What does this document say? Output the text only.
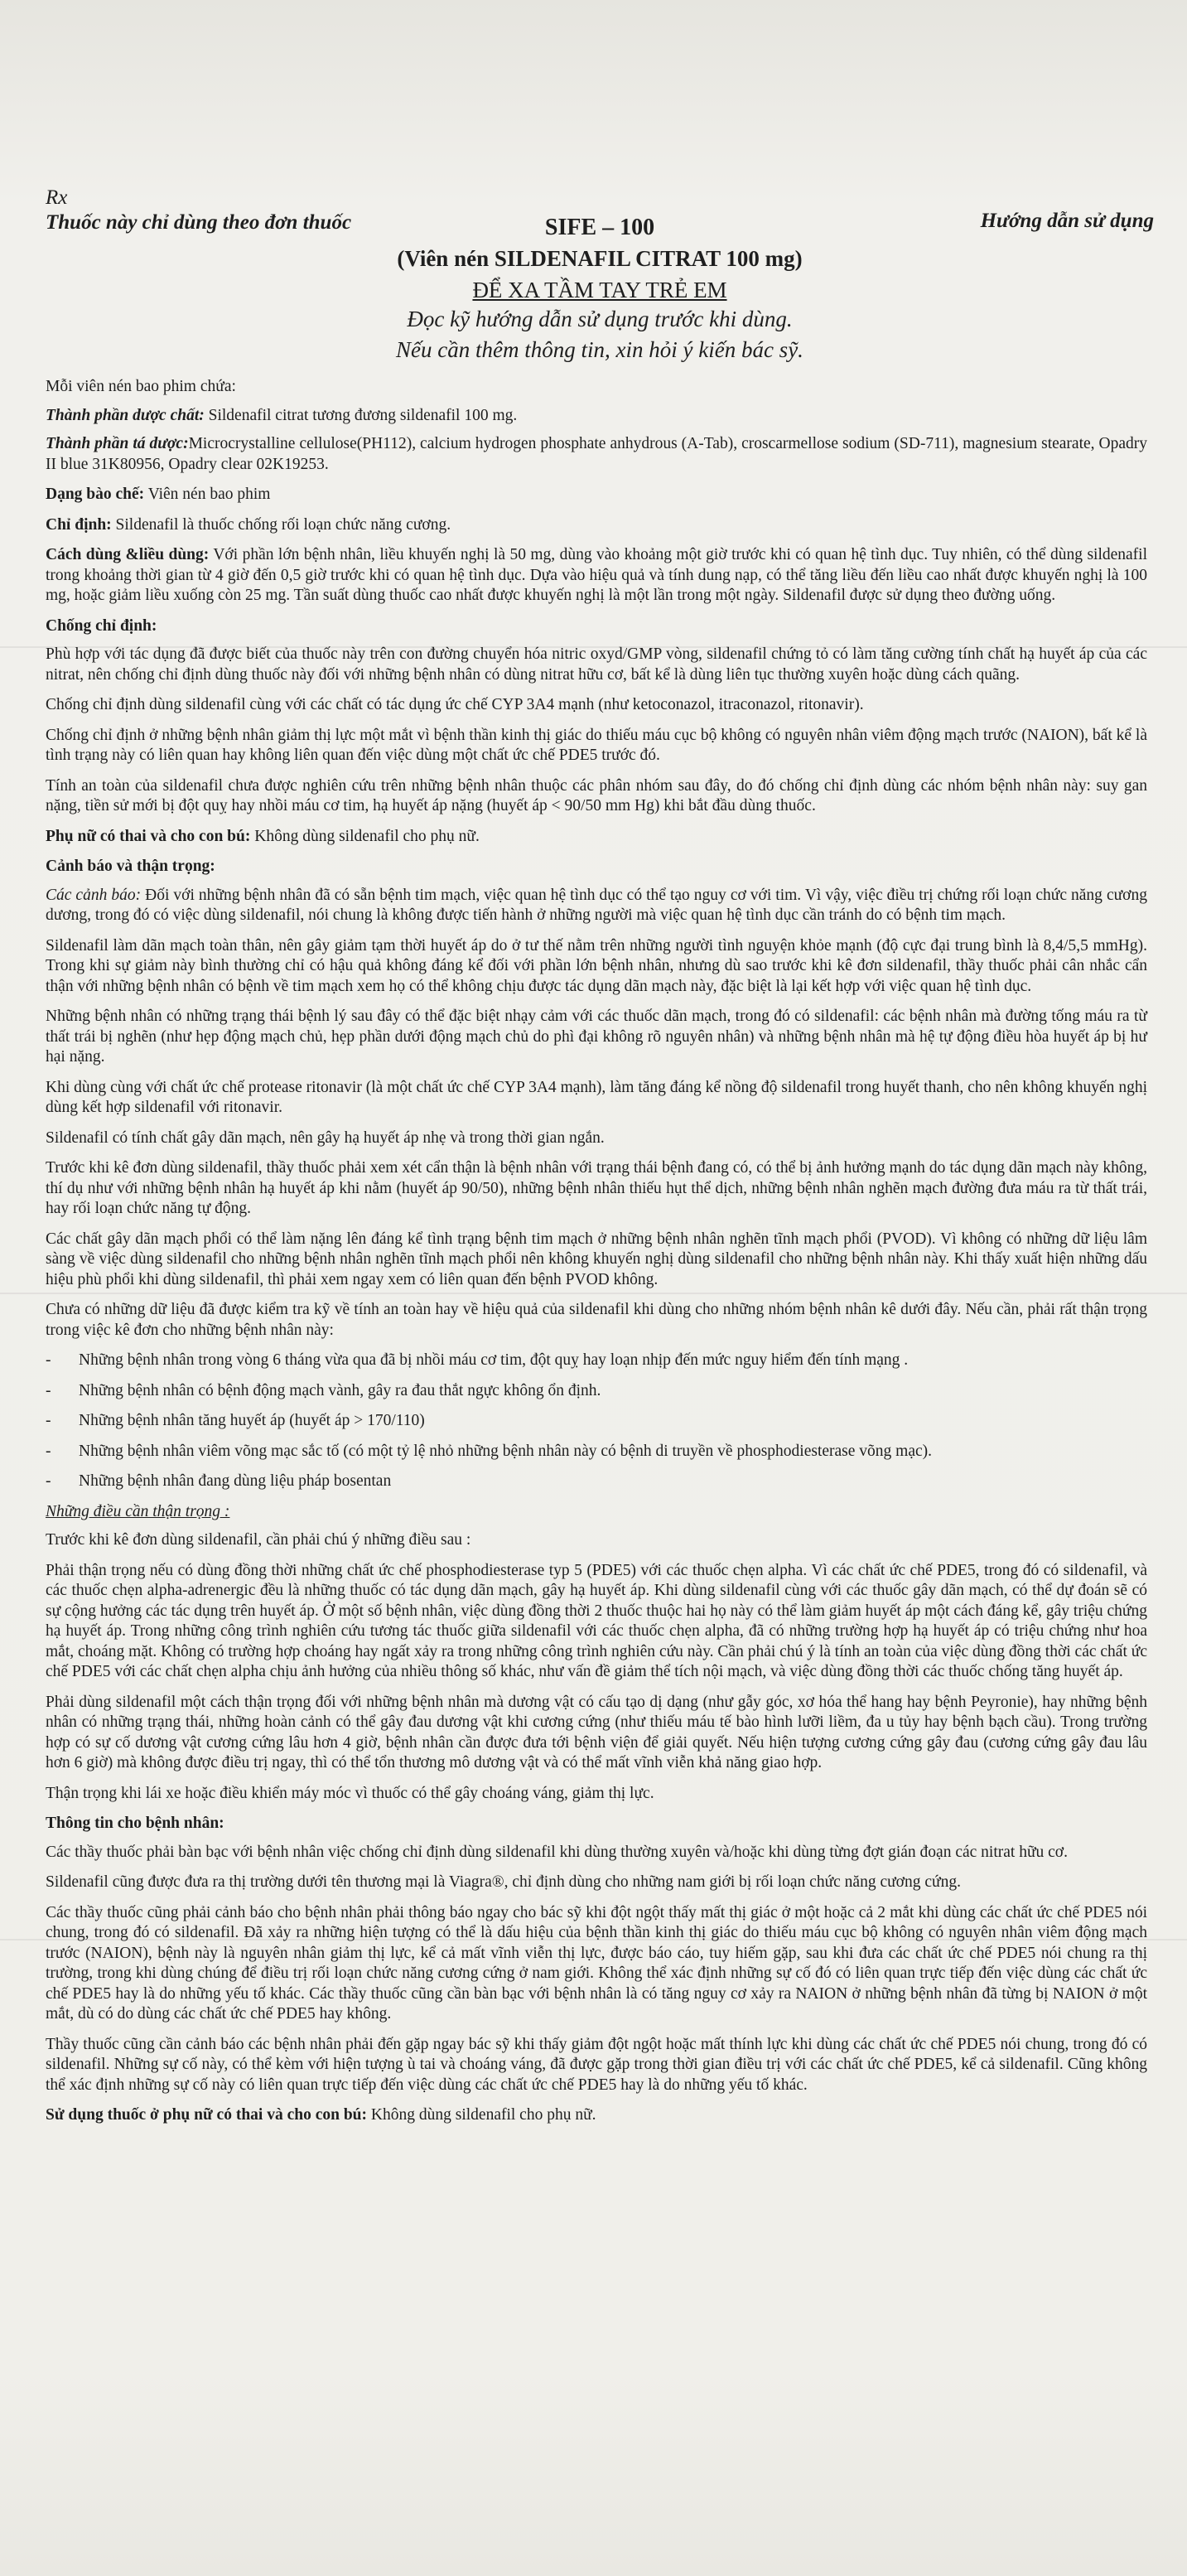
Rx
Thuốc này chỉ dùng theo đơn thuốc	Hướng dẫn sử dụng
SIFE – 100
(Viên nén SILDENAFIL CITRAT 100 mg)
ĐỂ XA TẦM TAY TRẺ EM
Đọc kỹ hướng dẫn sử dụng trước khi dùng.
Nếu cần thêm thông tin, xin hỏi ý kiến bác sỹ.

Mỗi viên nén bao phim chứa:

Thành phần dược chất: Sildenafil citrat tương đương sildenafil 100 mg.

Thành phần tá dược:Microcrystalline cellulose(PH112), calcium hydrogen phosphate anhydrous (A-Tab), croscarmellose sodium (SD-711), magnesium stearate, Opadry II blue 31K80956, Opadry clear 02K19253.

Dạng bào chế: Viên nén bao phim

Chỉ định: Sildenafil là thuốc chống rối loạn chức năng cương.

Cách dùng &liều dùng: Với phần lớn bệnh nhân, liều khuyến nghị là 50 mg, dùng vào khoảng một giờ trước khi có quan hệ tình dục. Tuy nhiên, có thể dùng sildenafil trong khoảng thời gian từ 4 giờ đến 0,5 giờ trước khi có quan hệ tình dục. Dựa vào hiệu quả và tính dung nạp, có thể tăng liều đến liều cao nhất được khuyến nghị là 100 mg, hoặc giảm liều xuống còn 25 mg. Tần suất dùng thuốc cao nhất được khuyến nghị là một lần trong một ngày. Sildenafil được sử dụng theo đường uống.

Chống chỉ định:

Phù hợp với tác dụng đã được biết của thuốc này trên con đường chuyển hóa nitric oxyd/GMP vòng, sildenafil chứng tỏ có làm tăng cường tính chất hạ huyết áp của các nitrat, nên chống chỉ định dùng thuốc này đối với những bệnh nhân có dùng nitrat hữu cơ, bất kể là dùng liên tục thường xuyên hoặc dùng cách quãng.

Chống chỉ định dùng sildenafil cùng với các chất có tác dụng ức chế CYP 3A4 mạnh (như ketoconazol, itraconazol, ritonavir).

Chống chỉ định ở những bệnh nhân giảm thị lực một mắt vì bệnh thần kinh thị giác do thiếu máu cục bộ không có nguyên nhân viêm động mạch trước (NAION), bất kể là tình trạng này có liên quan hay không liên quan đến việc dùng một chất ức chế PDE5 trước đó.

Tính an toàn của sildenafil chưa được nghiên cứu trên những bệnh nhân thuộc các phân nhóm sau đây, do đó chống chỉ định dùng các nhóm bệnh nhân này: suy gan nặng, tiền sử mới bị đột quỵ hay nhồi máu cơ tim, hạ huyết áp nặng (huyết áp < 90/50 mm Hg) khi bắt đầu dùng thuốc.

Phụ nữ có thai và cho con bú: Không dùng sildenafil cho phụ nữ.

Cảnh báo và thận trọng:

Các cảnh báo: Đối với những bệnh nhân đã có sẵn bệnh tim mạch, việc quan hệ tình dục có thể tạo nguy cơ với tim. Vì vậy, việc điều trị chứng rối loạn chức năng cương dương, trong đó có việc dùng sildenafil, nói chung là không được tiến hành ở những người mà việc quan hệ tình dục cần tránh do có bệnh tim mạch.

Sildenafil làm dãn mạch toàn thân, nên gây giảm tạm thời huyết áp do ở tư thế nằm trên những người tình nguyện khỏe mạnh (độ cực đại trung bình là 8,4/5,5 mmHg). Trong khi sự giảm này bình thường chỉ có hậu quả không đáng kể đối với phần lớn bệnh nhân, nhưng dù sao trước khi kê đơn sildenafil, thầy thuốc phải cân nhắc cẩn thận với những bệnh nhân có bệnh về tim mạch xem họ có thể không chịu được tác dụng dãn mạch này, đặc biệt là lại kết hợp với việc quan hệ tình dục.

Những bệnh nhân có những trạng thái bệnh lý sau đây có thể đặc biệt nhạy cảm với các thuốc dãn mạch, trong đó có sildenafil: các bệnh nhân mà đường tống máu ra từ thất trái bị nghẽn (như hẹp động mạch chủ, hẹp phần dưới động mạch chủ do phì đại không rõ nguyên nhân) và những bệnh nhân mà hệ tự động điều hòa huyết áp bị hư hại nặng.

Khi dùng cùng với chất ức chế protease ritonavir (là một chất ức chế CYP 3A4 mạnh), làm tăng đáng kể nồng độ sildenafil trong huyết thanh, cho nên không khuyến nghị dùng kết hợp sildenafil với ritonavir.

Sildenafil có tính chất gây dãn mạch, nên gây hạ huyết áp nhẹ và trong thời gian ngắn.

Trước khi kê đơn dùng sildenafil, thầy thuốc phải xem xét cẩn thận là bệnh nhân với trạng thái bệnh đang có, có thể bị ảnh hưởng mạnh do tác dụng dãn mạch này không, thí dụ như với những bệnh nhân hạ huyết áp khi nằm (huyết áp 90/50), những bệnh nhân thiếu hụt thể dịch, những bệnh nhân nghẽn mạch đường đưa máu ra từ thất trái, hay rối loạn chức năng tự động.

Các chất gây dãn mạch phổi có thể làm nặng lên đáng kể tình trạng bệnh tim mạch ở những bệnh nhân nghẽn tĩnh mạch phổi (PVOD). Vì không có những dữ liệu lâm sàng về việc dùng sildenafil cho những bệnh nhân nghẽn tĩnh mạch phổi nên không khuyến nghị dùng sildenafil cho những bệnh nhân này. Khi thấy xuất hiện những dấu hiệu phù phổi khi dùng sildenafil, thì phải xem ngay xem có liên quan đến bệnh PVOD không.

Chưa có những dữ liệu đã được kiểm tra kỹ về tính an toàn hay về hiệu quả của sildenafil khi dùng cho những nhóm bệnh nhân kê dưới đây. Nếu cần, phải rất thận trọng trong việc kê đơn cho những bệnh nhân này:

- Những bệnh nhân trong vòng 6 tháng vừa qua đã bị nhồi máu cơ tim, đột quỵ hay loạn nhịp đến mức nguy hiểm đến tính mạng .
- Những bệnh nhân có bệnh động mạch vành, gây ra đau thắt ngực không ổn định.
- Những bệnh nhân tăng huyết áp (huyết áp > 170/110)
- Những bệnh nhân viêm võng mạc sắc tố (có một tỷ lệ nhỏ những bệnh nhân này có bệnh di truyền về phosphodiesterase võng mạc).
- Những bệnh nhân đang dùng liệu pháp bosentan

Những điều cần thận trọng :

Trước khi kê đơn dùng sildenafil, cần phải chú ý những điều sau :

Phải thận trọng nếu có dùng đồng thời những chất ức chế phosphodiesterase typ 5 (PDE5) với các thuốc chẹn alpha. Vì các chất ức chế PDE5, trong đó có sildenafil, và các thuốc chẹn alpha-adrenergic đều là những thuốc có tác dụng dãn mạch, gây hạ huyết áp. Khi dùng sildenafil cùng với các thuốc gây dãn mạch, có thể dự đoán sẽ có sự cộng hưởng các tác dụng trên huyết áp. Ở một số bệnh nhân, việc dùng đồng thời 2 thuốc thuộc hai họ này có thể làm giảm huyết áp một cách đáng kể, gây triệu chứng hạ huyết áp. Trong những công trình nghiên cứu tương tác thuốc giữa sildenafil với các thuốc chẹn alpha, đã có những trường hợp hạ huyết áp có triệu chứng như hoa mắt, choáng mặt. Không có trường hợp choáng hay ngất xảy ra trong những công trình nghiên cứu này. Cần phải chú ý là tính an toàn của việc dùng đồng thời các chất ức chế PDE5 với các chất chẹn alpha chịu ảnh hưởng của nhiều thông số khác, như vấn đề giảm thể tích nội mạch, và việc dùng đồng thời các thuốc chống tăng huyết áp.

Phải dùng sildenafil một cách thận trọng đối với những bệnh nhân mà dương vật có cấu tạo dị dạng (như gẫy góc, xơ hóa thể hang hay bệnh Peyronie), hay những bệnh nhân có những trạng thái, những hoàn cảnh có thể gây đau dương vật khi cương cứng (như thiếu máu tế bào hình lưỡi liềm, đa u tủy hay bệnh bạch cầu). Trong trường hợp có sự cố dương vật cương cứng lâu hơn 4 giờ, bệnh nhân cần được đưa tới bệnh viện để giải quyết. Nếu hiện tượng cương cứng gây đau (cương cứng gây đau lâu hơn 6 giờ) mà không được điều trị ngay, thì có thể tổn thương mô dương vật và có thể mất vĩnh viễn khả năng giao hợp.

Thận trọng khi lái xe hoặc điều khiển máy móc vì thuốc có thể gây choáng váng, giảm thị lực.

Thông tin cho bệnh nhân:

Các thầy thuốc phải bàn bạc với bệnh nhân việc chống chỉ định dùng sildenafil khi dùng thường xuyên và/hoặc khi dùng từng đợt gián đoạn các nitrat hữu cơ.

Sildenafil cũng được đưa ra thị trường dưới tên thương mại là Viagra®, chỉ định dùng cho những nam giới bị rối loạn chức năng cương cứng.

Các thầy thuốc cũng phải cảnh báo cho bệnh nhân phải thông báo ngay cho bác sỹ khi đột ngột thấy mất thị giác ở một hoặc cả 2 mắt khi dùng các chất ức chế PDE5 nói chung, trong đó có sildenafil. Đã xảy ra những hiện tượng có thể là dấu hiệu của bệnh thần kinh thị giác do thiếu máu cục bộ không có nguyên nhân viêm động mạch trước (NAION), bệnh này là nguyên nhân giảm thị lực, kể cả mất vĩnh viễn thị lực, được báo cáo, tuy hiếm gặp, sau khi đưa các chất ức chế PDE5 nói chung ra thị trường, trong khi dùng chúng để điều trị rối loạn chức năng cương cứng ở nam giới. Không thể xác định những sự cố đó có liên quan trực tiếp đến việc dùng các chất ức chế PDE5 hay là do những yếu tố khác. Các thầy thuốc cũng cần bàn bạc với bệnh nhân là có tăng nguy cơ xảy ra NAION ở những bệnh nhân đã từng bị NAION ở một mắt, dù có do dùng các chất ức chế PDE5 hay không.

Thầy thuốc cũng cần cảnh báo các bệnh nhân phải đến gặp ngay bác sỹ khi thấy giảm đột ngột hoặc mất thính lực khi dùng các chất ức chế PDE5 nói chung, trong đó có sildenafil. Những sự cố này, có thể kèm với hiện tượng ù tai và choáng váng, đã được gặp trong thời gian điều trị với các chất ức chế PDE5, kể cả sildenafil. Cũng không thể xác định những sự cố này có liên quan trực tiếp đến việc dùng các chất ức chế PDE5 hay là do những yếu tố khác.

Sử dụng thuốc ở phụ nữ có thai và cho con bú: Không dùng sildenafil cho phụ nữ.
